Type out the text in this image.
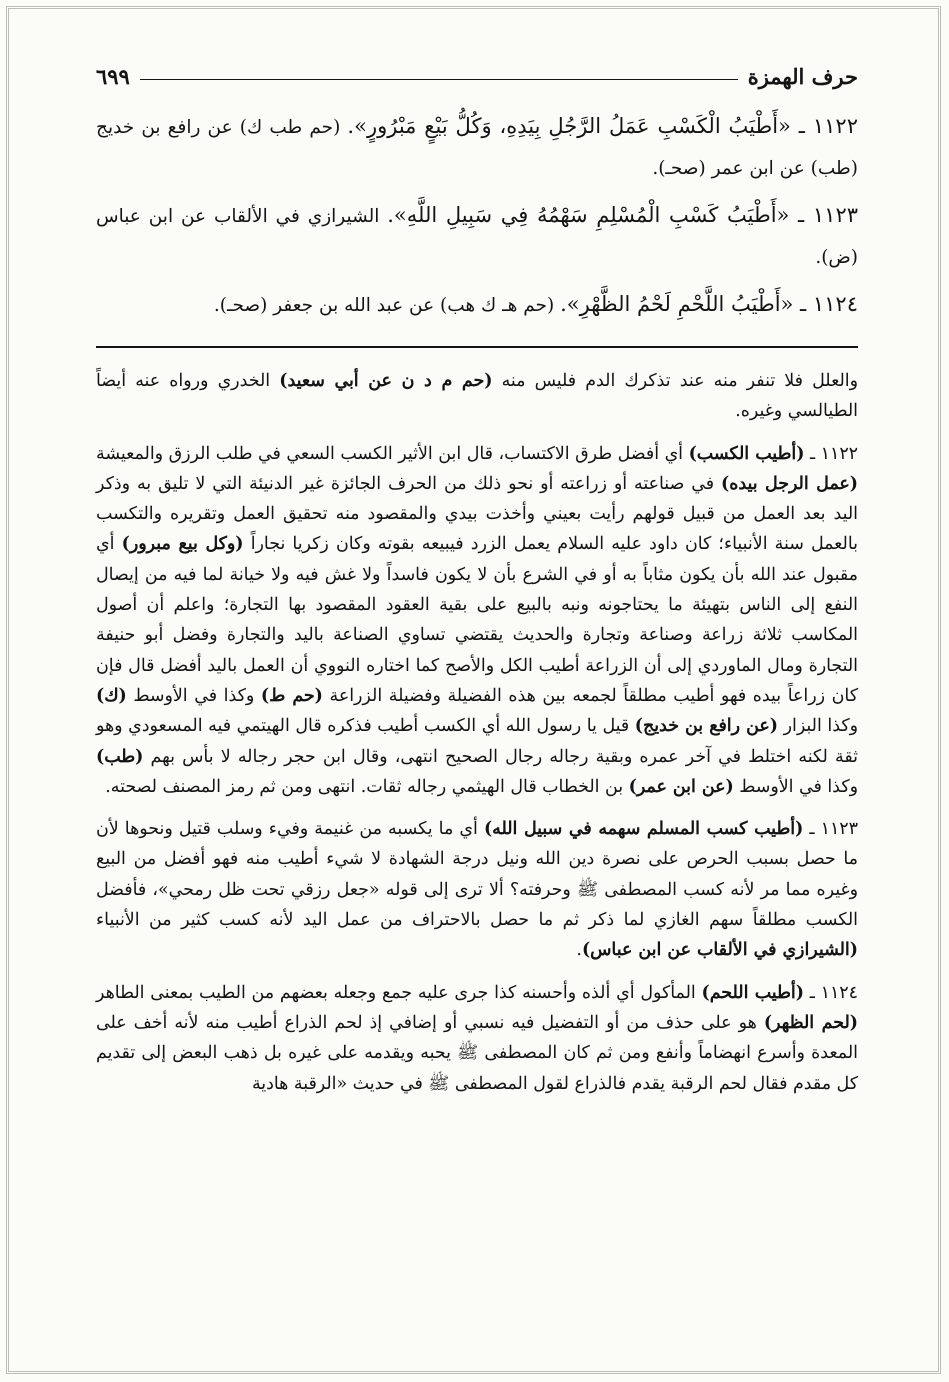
حرف الهمزة
٦٩٩

١١٢٢ ـ «أَطْيَبُ الْكَسْبِ عَمَلُ الرَّجُلِ بِيَدِهِ، وَكُلُّ بَيْعٍ مَبْرُورٍ». (حم طب ك) عن رافع بن خديج (طب) عن ابن عمر (صحـ).

١١٢٣ ـ «أَطْيَبُ كَسْبِ الْمُسْلِمِ سَهْمُهُ فِي سَبِيلِ اللَّهِ». الشيرازي في الألقاب عن ابن عباس (ض).

١١٢٤ ـ «أَطْيَبُ اللَّحْمِ لَحْمُ الظَّهْرِ». (حم هـ ك هب) عن عبد الله بن جعفر (صحـ).

والعلل فلا تنفر منه عند تذكرك الدم فليس منه (حم م د ن عن أبي سعيد) الخدري ورواه عنه أيضاً الطيالسي وغيره.

١١٢٢ ـ (أطيب الكسب) أي أفضل طرق الاكتساب، قال ابن الأثير الكسب السعي في طلب الرزق والمعيشة (عمل الرجل بيده) في صناعته أو زراعته أو نحو ذلك من الحرف الجائزة غير الدنيئة التي لا تليق به وذكر اليد بعد العمل من قبيل قولهم رأيت بعيني وأخذت بيدي والمقصود منه تحقيق العمل وتقريره والتكسب بالعمل سنة الأنبياء؛ كان داود عليه السلام يعمل الزرد فيبيعه بقوته وكان زكريا نجاراً (وكل بيع مبرور) أي مقبول عند الله بأن يكون مثاباً به أو في الشرع بأن لا يكون فاسداً ولا غش فيه ولا خيانة لما فيه من إيصال النفع إلى الناس بتهيئة ما يحتاجونه ونبه بالبيع على بقية العقود المقصود بها التجارة؛ واعلم أن أصول المكاسب ثلاثة زراعة وصناعة وتجارة والحديث يقتضي تساوي الصناعة باليد والتجارة وفضل أبو حنيفة التجارة ومال الماوردي إلى أن الزراعة أطيب الكل والأصح كما اختاره النووي أن العمل باليد أفضل قال فإن كان زراعاً بيده فهو أطيب مطلقاً لجمعه بين هذه الفضيلة وفضيلة الزراعة (حم ط) وكذا في الأوسط (ك) وكذا البزار (عن رافع بن خديج) قيل يا رسول الله أي الكسب أطيب فذكره قال الهيتمي فيه المسعودي وهو ثقة لكنه اختلط في آخر عمره وبقية رجاله رجال الصحيح انتهى، وقال ابن حجر رجاله لا بأس بهم (طب) وكذا في الأوسط (عن ابن عمر) بن الخطاب قال الهيثمي رجاله ثقات. انتهى ومن ثم رمز المصنف لصحته.

١١٢٣ ـ (أطيب كسب المسلم سهمه في سبيل الله) أي ما يكسبه من غنيمة وفيء وسلب قتيل ونحوها لأن ما حصل بسبب الحرص على نصرة دين الله ونيل درجة الشهادة لا شيء أطيب منه فهو أفضل من البيع وغيره مما مر لأنه كسب المصطفى ﷺ وحرفته؟ ألا ترى إلى قوله «جعل رزقي تحت ظل رمحي»، فأفضل الكسب مطلقاً سهم الغازي لما ذكر ثم ما حصل بالاحتراف من عمل اليد لأنه كسب كثير من الأنبياء (الشيرازي في الألقاب عن ابن عباس).

١١٢٤ ـ (أطيب اللحم) المأكول أي ألذه وأحسنه كذا جرى عليه جمع وجعله بعضهم من الطيب بمعنى الطاهر (لحم الظهر) هو على حذف من أو التفضيل فيه نسبي أو إضافي إذ لحم الذراع أطيب منه لأنه أخف على المعدة وأسرع انهضاماً وأنفع ومن ثم كان المصطفى ﷺ يحبه ويقدمه على غيره بل ذهب البعض إلى تقديم كل مقدم فقال لحم الرقبة يقدم فالذراع لقول المصطفى ﷺ في حديث «الرقبة هادية
